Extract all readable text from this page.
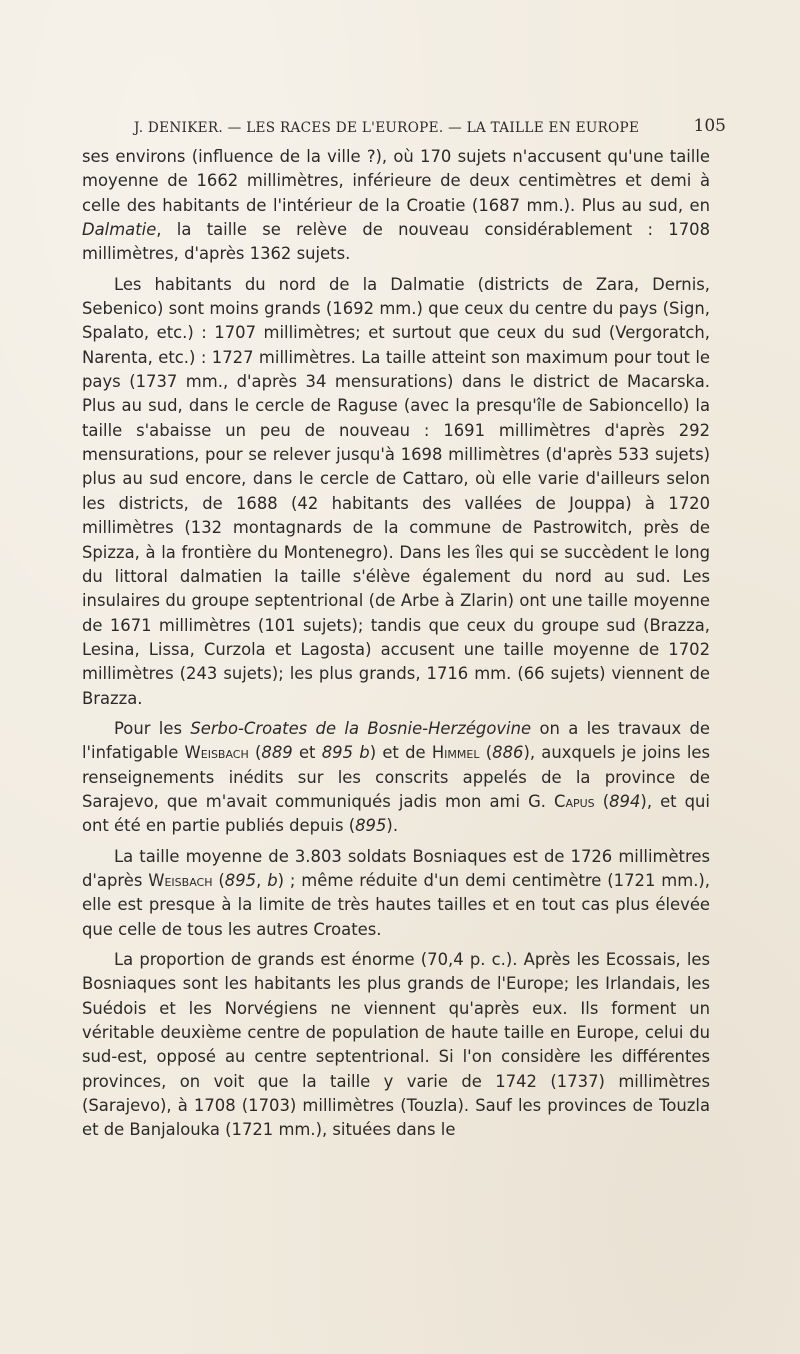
J. DENIKER. — LES RACES DE L'EUROPE. — LA TAILLE EN EUROPE	105

ses environs (influence de la ville ?), où 170 sujets n'accusent qu'une taille moyenne de 1662 millimètres, inférieure de deux centimètres et demi à celle des habitants de l'intérieur de la Croatie (1687 mm.). Plus au sud, en Dalmatie, la taille se relève de nouveau considérablement : 1708 millimètres, d'après 1362 sujets.

Les habitants du nord de la Dalmatie (districts de Zara, Dernis, Sebenico) sont moins grands (1692 mm.) que ceux du centre du pays (Sign, Spalato, etc.) : 1707 millimètres; et surtout que ceux du sud (Vergoratch, Narenta, etc.) : 1727 millimètres. La taille atteint son maximum pour tout le pays (1737 mm., d'après 34 mensurations) dans le district de Macarska. Plus au sud, dans le cercle de Raguse (avec la presqu'île de Sabioncello) la taille s'abaisse un peu de nouveau : 1691 millimètres d'après 292 mensurations, pour se relever jusqu'à 1698 millimètres (d'après 533 sujets) plus au sud encore, dans le cercle de Cattaro, où elle varie d'ailleurs selon les districts, de 1688 (42 habitants des vallées de Jouppa) à 1720 millimètres (132 montagnards de la commune de Pastrowitch, près de Spizza, à la frontière du Montenegro). Dans les îles qui se succèdent le long du littoral dalmatien la taille s'élève également du nord au sud. Les insulaires du groupe septentrional (de Arbe à Zlarin) ont une taille moyenne de 1671 millimètres (101 sujets); tandis que ceux du groupe sud (Brazza, Lesina, Lissa, Curzola et Lagosta) accusent une taille moyenne de 1702 millimètres (243 sujets); les plus grands, 1716 mm. (66 sujets) viennent de Brazza.

Pour les Serbo-Croates de la Bosnie-Herzégovine on a les travaux de l'infatigable Weisbach (889 et 895 b) et de Himmel (886), auxquels je joins les renseignements inédits sur les conscrits appelés de la province de Sarajevo, que m'avait communiqués jadis mon ami G. Capus (894), et qui ont été en partie publiés depuis (895).

La taille moyenne de 3.803 soldats Bosniaques est de 1726 millimètres d'après Weisbach (895, b) ; même réduite d'un demi centimètre (1721 mm.), elle est presque à la limite de très hautes tailles et en tout cas plus élevée que celle de tous les autres Croates.

La proportion de grands est énorme (70,4 p. c.). Après les Ecossais, les Bosniaques sont les habitants les plus grands de l'Europe; les Irlandais, les Suédois et les Norvégiens ne viennent qu'après eux. Ils forment un véritable deuxième centre de population de haute taille en Europe, celui du sud-est, opposé au centre septentrional. Si l'on considère les différentes provinces, on voit que la taille y varie de 1742 (1737) millimètres (Sarajevo), à 1708 (1703) millimètres (Touzla). Sauf les provinces de Touzla et de Banjalouka (1721 mm.), situées dans le
